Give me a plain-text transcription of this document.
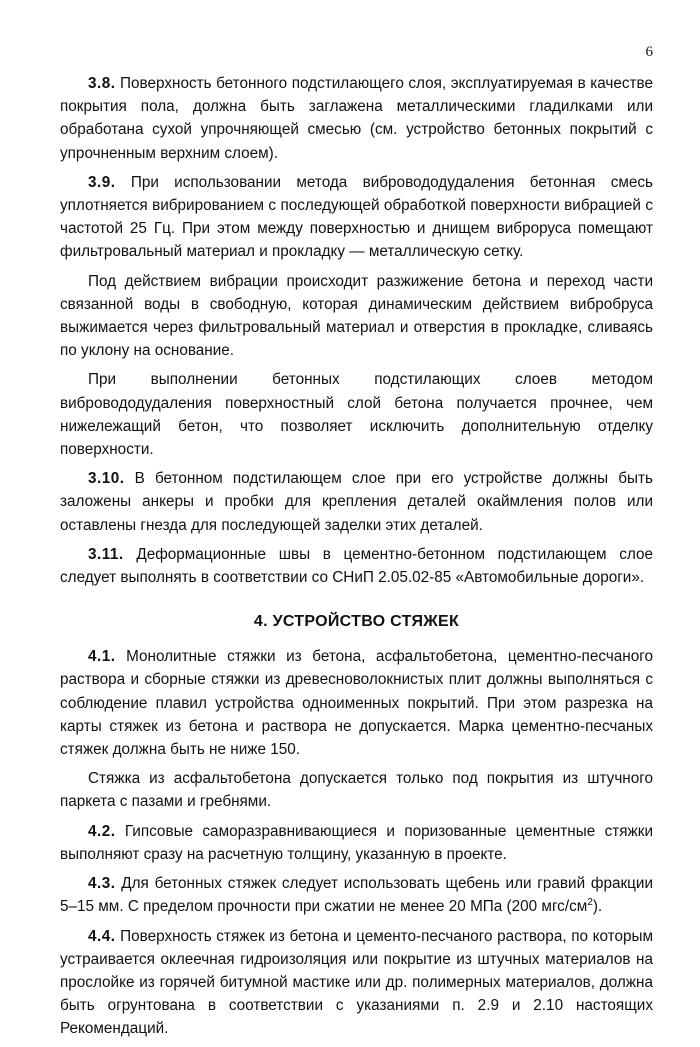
6

3.8. Поверхность бетонного подстилающего слоя, эксплуатируемая в качестве покрытия пола, должна быть заглажена металлическими гладилками или обработана сухой упрочняющей смесью (см. устройство бетонных покрытий с упрочненным верхним слоем).

3.9. При использовании метода вибровододудаления бетонная смесь уплотняется вибрированием с последующей обработкой поверхности вибрацией с частотой 25 Гц. При этом между поверхностью и днищем виброруса помещают фильтровальный материал и прокладку — металлическую сетку.

Под действием вибрации происходит разжижение бетона и переход части связанной воды в свободную, которая динамическим действием вибробруса выжимается через фильтровальный материал и отверстия в прокладке, сливаясь по уклону на основание.

При выполнении бетонных подстилающих слоев методом вибровододудаления поверхностный слой бетона получается прочнее, чем нижележащий бетон, что позволяет исключить дополнительную отделку поверхности.

3.10. В бетонном подстилающем слое при его устройстве должны быть заложены анкеры и пробки для крепления деталей окаймления полов или оставлены гнезда для последующей заделки этих деталей.

3.11. Деформационные швы в цементно-бетонном подстилающем слое следует выполнять в соответствии со СНиП 2.05.02-85 «Автомобильные дороги».

4. УСТРОЙСТВО СТЯЖЕК

4.1. Монолитные стяжки из бетона, асфальтобетона, цементно-песчаного раствора и сборные стяжки из древесноволокнистых плит должны выполняться с соблюдение плавил устройства одноименных покрытий. При этом разрезка на карты стяжек из бетона и раствора не допускается. Марка цементно-песчаных стяжек должна быть не ниже 150.

Стяжка из асфальтобетона допускается только под покрытия из штучного паркета с пазами и гребнями.

4.2. Гипсовые саморазравнивающиеся и поризованные цементные стяжки выполняют сразу на расчетную толщину, указанную в проекте.

4.3. Для бетонных стяжек следует использовать щебень или гравий фракции 5–15 мм. С пределом прочности при сжатии не менее 20 МПа (200 мгс/$см^2$).

4.4. Поверхность стяжек из бетона и цементо-песчаного раствора, по которым устраивается оклеечная гидроизоляция или покрытие из штучных материалов на прослойке из горячей битумной мастике или др. полимерных материалов, должна быть огрунтована в соответствии с указаниями п. 2.9 и 2.10 настоящих Рекомендаций.
